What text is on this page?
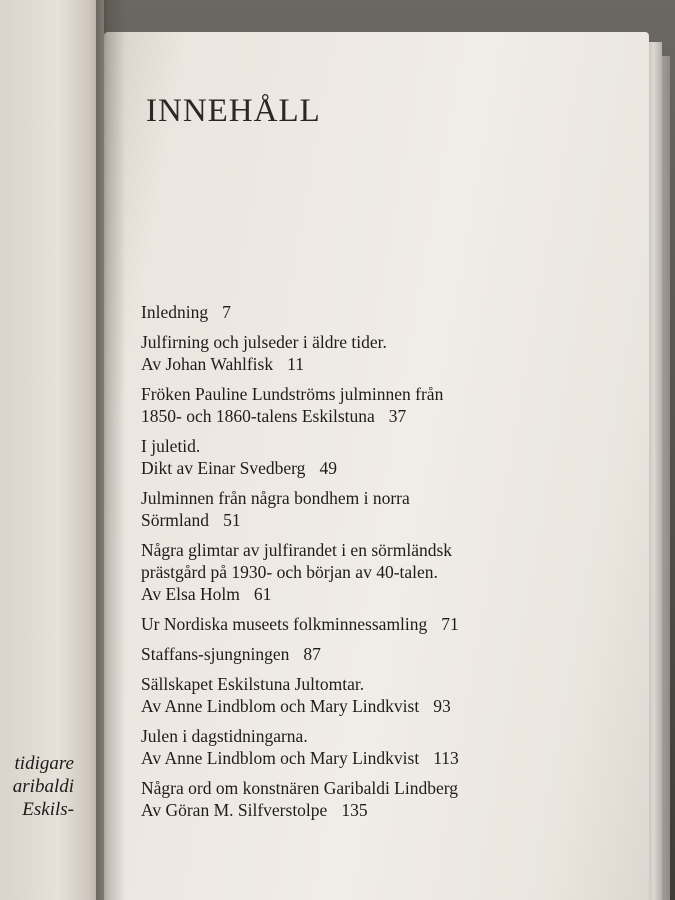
tidigare
aribaldi
Eskils-
INNEHÅLL
Inledning 7
Julfirning och julseder i äldre tider.
Av Johan Wahlfisk 11
Fröken Pauline Lundströms julminnen från
1850- och 1860-talens Eskilstuna 37
I juletid.
Dikt av Einar Svedberg 49
Julminnen från några bondhem i norra
Sörmland 51
Några glimtar av julfirandet i en sörmländsk
prästgård på 1930- och början av 40-talen.
Av Elsa Holm 61
Ur Nordiska museets folkminnessamling 71
Staffans-sjungningen 87
Sällskapet Eskilstuna Jultomtar.
Av Anne Lindblom och Mary Lindkvist 93
Julen i dagstidningarna.
Av Anne Lindblom och Mary Lindkvist 113
Några ord om konstnären Garibaldi Lindberg
Av Göran M. Silfverstolpe 135
